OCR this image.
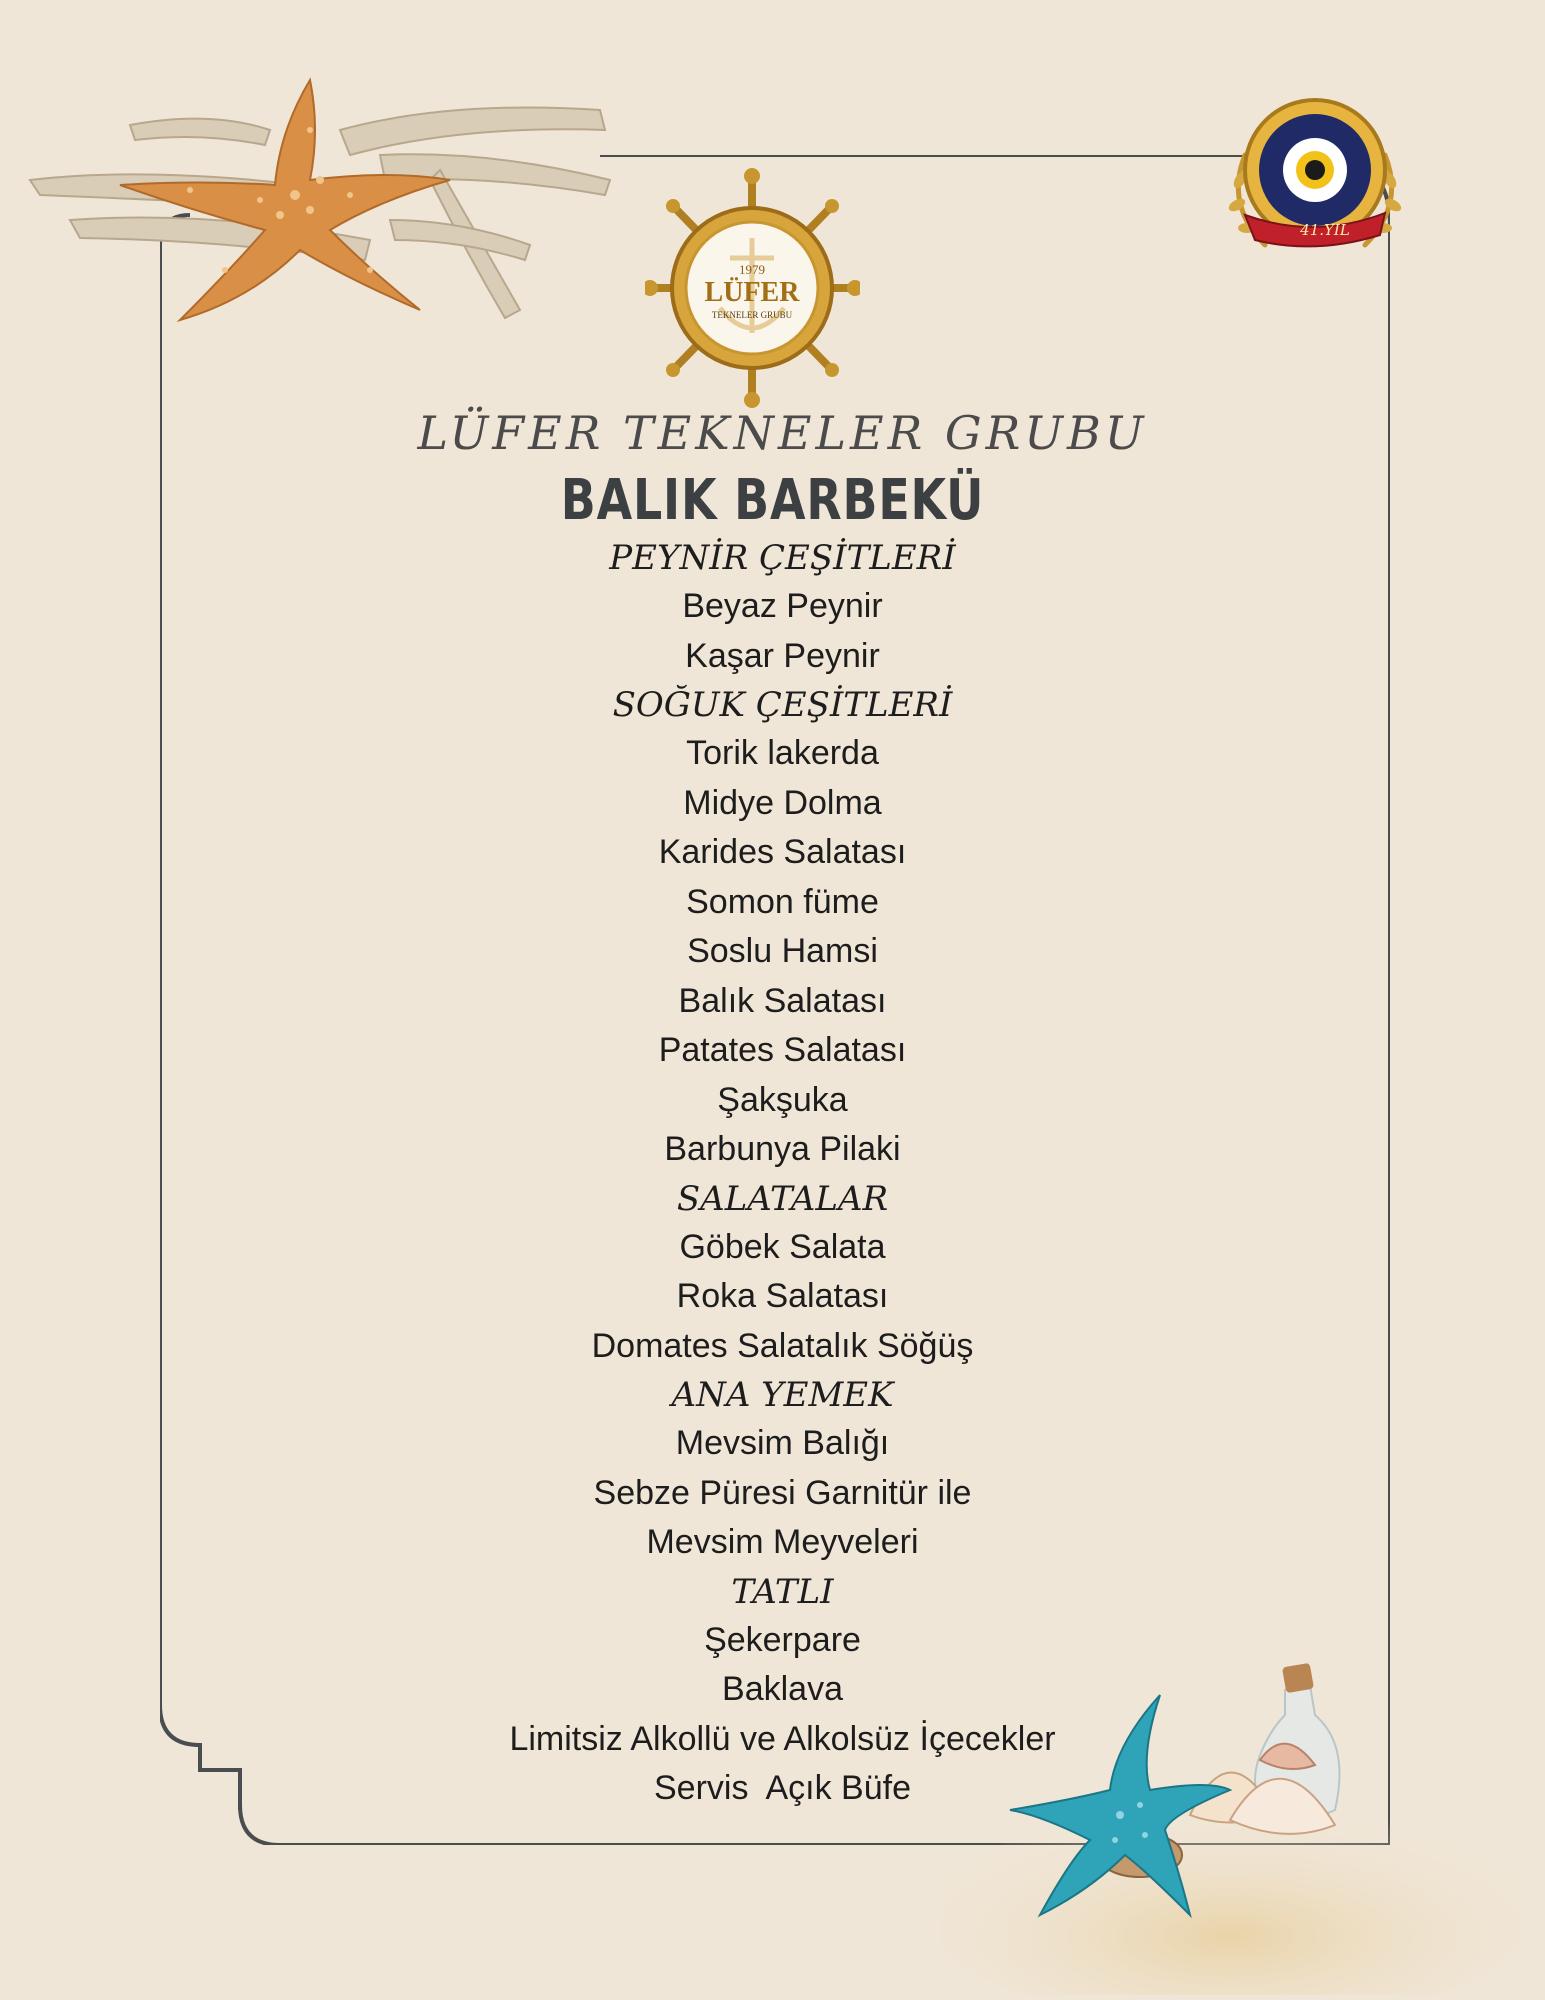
1979
LÜFER
TEKNELER GRUBU
41.YIL
LÜFER TEKNELER GRUBU
BALIK BARBEKÜ
PEYNİR ÇEŞİTLERİ
Beyaz Peynir
Kaşar Peynir
SOĞUK ÇEŞİTLERİ
Torik lakerda
Midye Dolma
Karides Salatası
Somon füme
Soslu Hamsi
Balık Salatası
Patates Salatası
Şakşuka
Barbunya Pilaki
SALATALAR
Göbek Salata
Roka Salatası
Domates Salatalık Söğüş
ANA YEMEK
Mevsim Balığı
Sebze Püresi Garnitür ile
Mevsim Meyveleri
TATLI
Şekerpare
Baklava
Limitsiz Alkollü ve Alkolsüz İçecekler
Servis  Açık Büfe
